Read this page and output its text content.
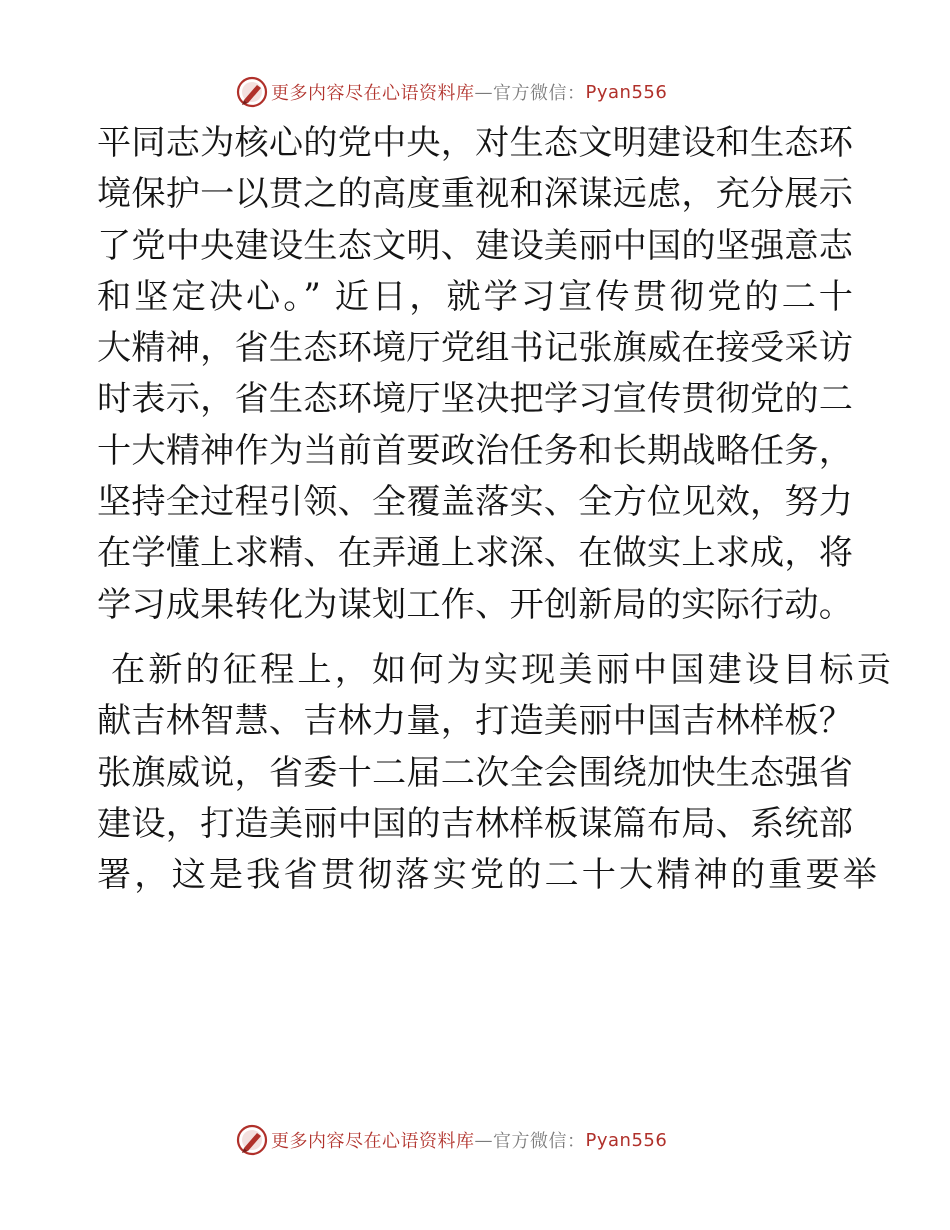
更多内容尽在心语资料库 — 官方微信： Pyan556
平同志为核心的党中央，对生态文明建设和生态环
境保护一以贯之的高度重视和深谋远虑，充分展示
了党中央建设生态文明、建设美丽中国的坚强意志
和坚定决心。” 近日，就学习宣传贯彻党的二十
大精神，省生态环境厅党组书记张旗威在接受采访
时表示，省生态环境厅坚决把学习宣传贯彻党的二
十大精神作为当前首要政治任务和长期战略任务，
坚持全过程引领、全覆盖落实、全方位见效，努力
在学懂上求精、在弄通上求深、在做实上求成，将
学习成果转化为谋划工作、开创新局的实际行动。
在新的征程上，如何为实现美丽中国建设目标贡
献吉林智慧、吉林力量，打造美丽中国吉林样板？
张旗威说，省委十二届二次全会围绕加快生态强省
建设，打造美丽中国的吉林样板谋篇布局、系统部
署，这是我省贯彻落实党的二十大精神的重要举
更多内容尽在心语资料库 — 官方微信： Pyan556
